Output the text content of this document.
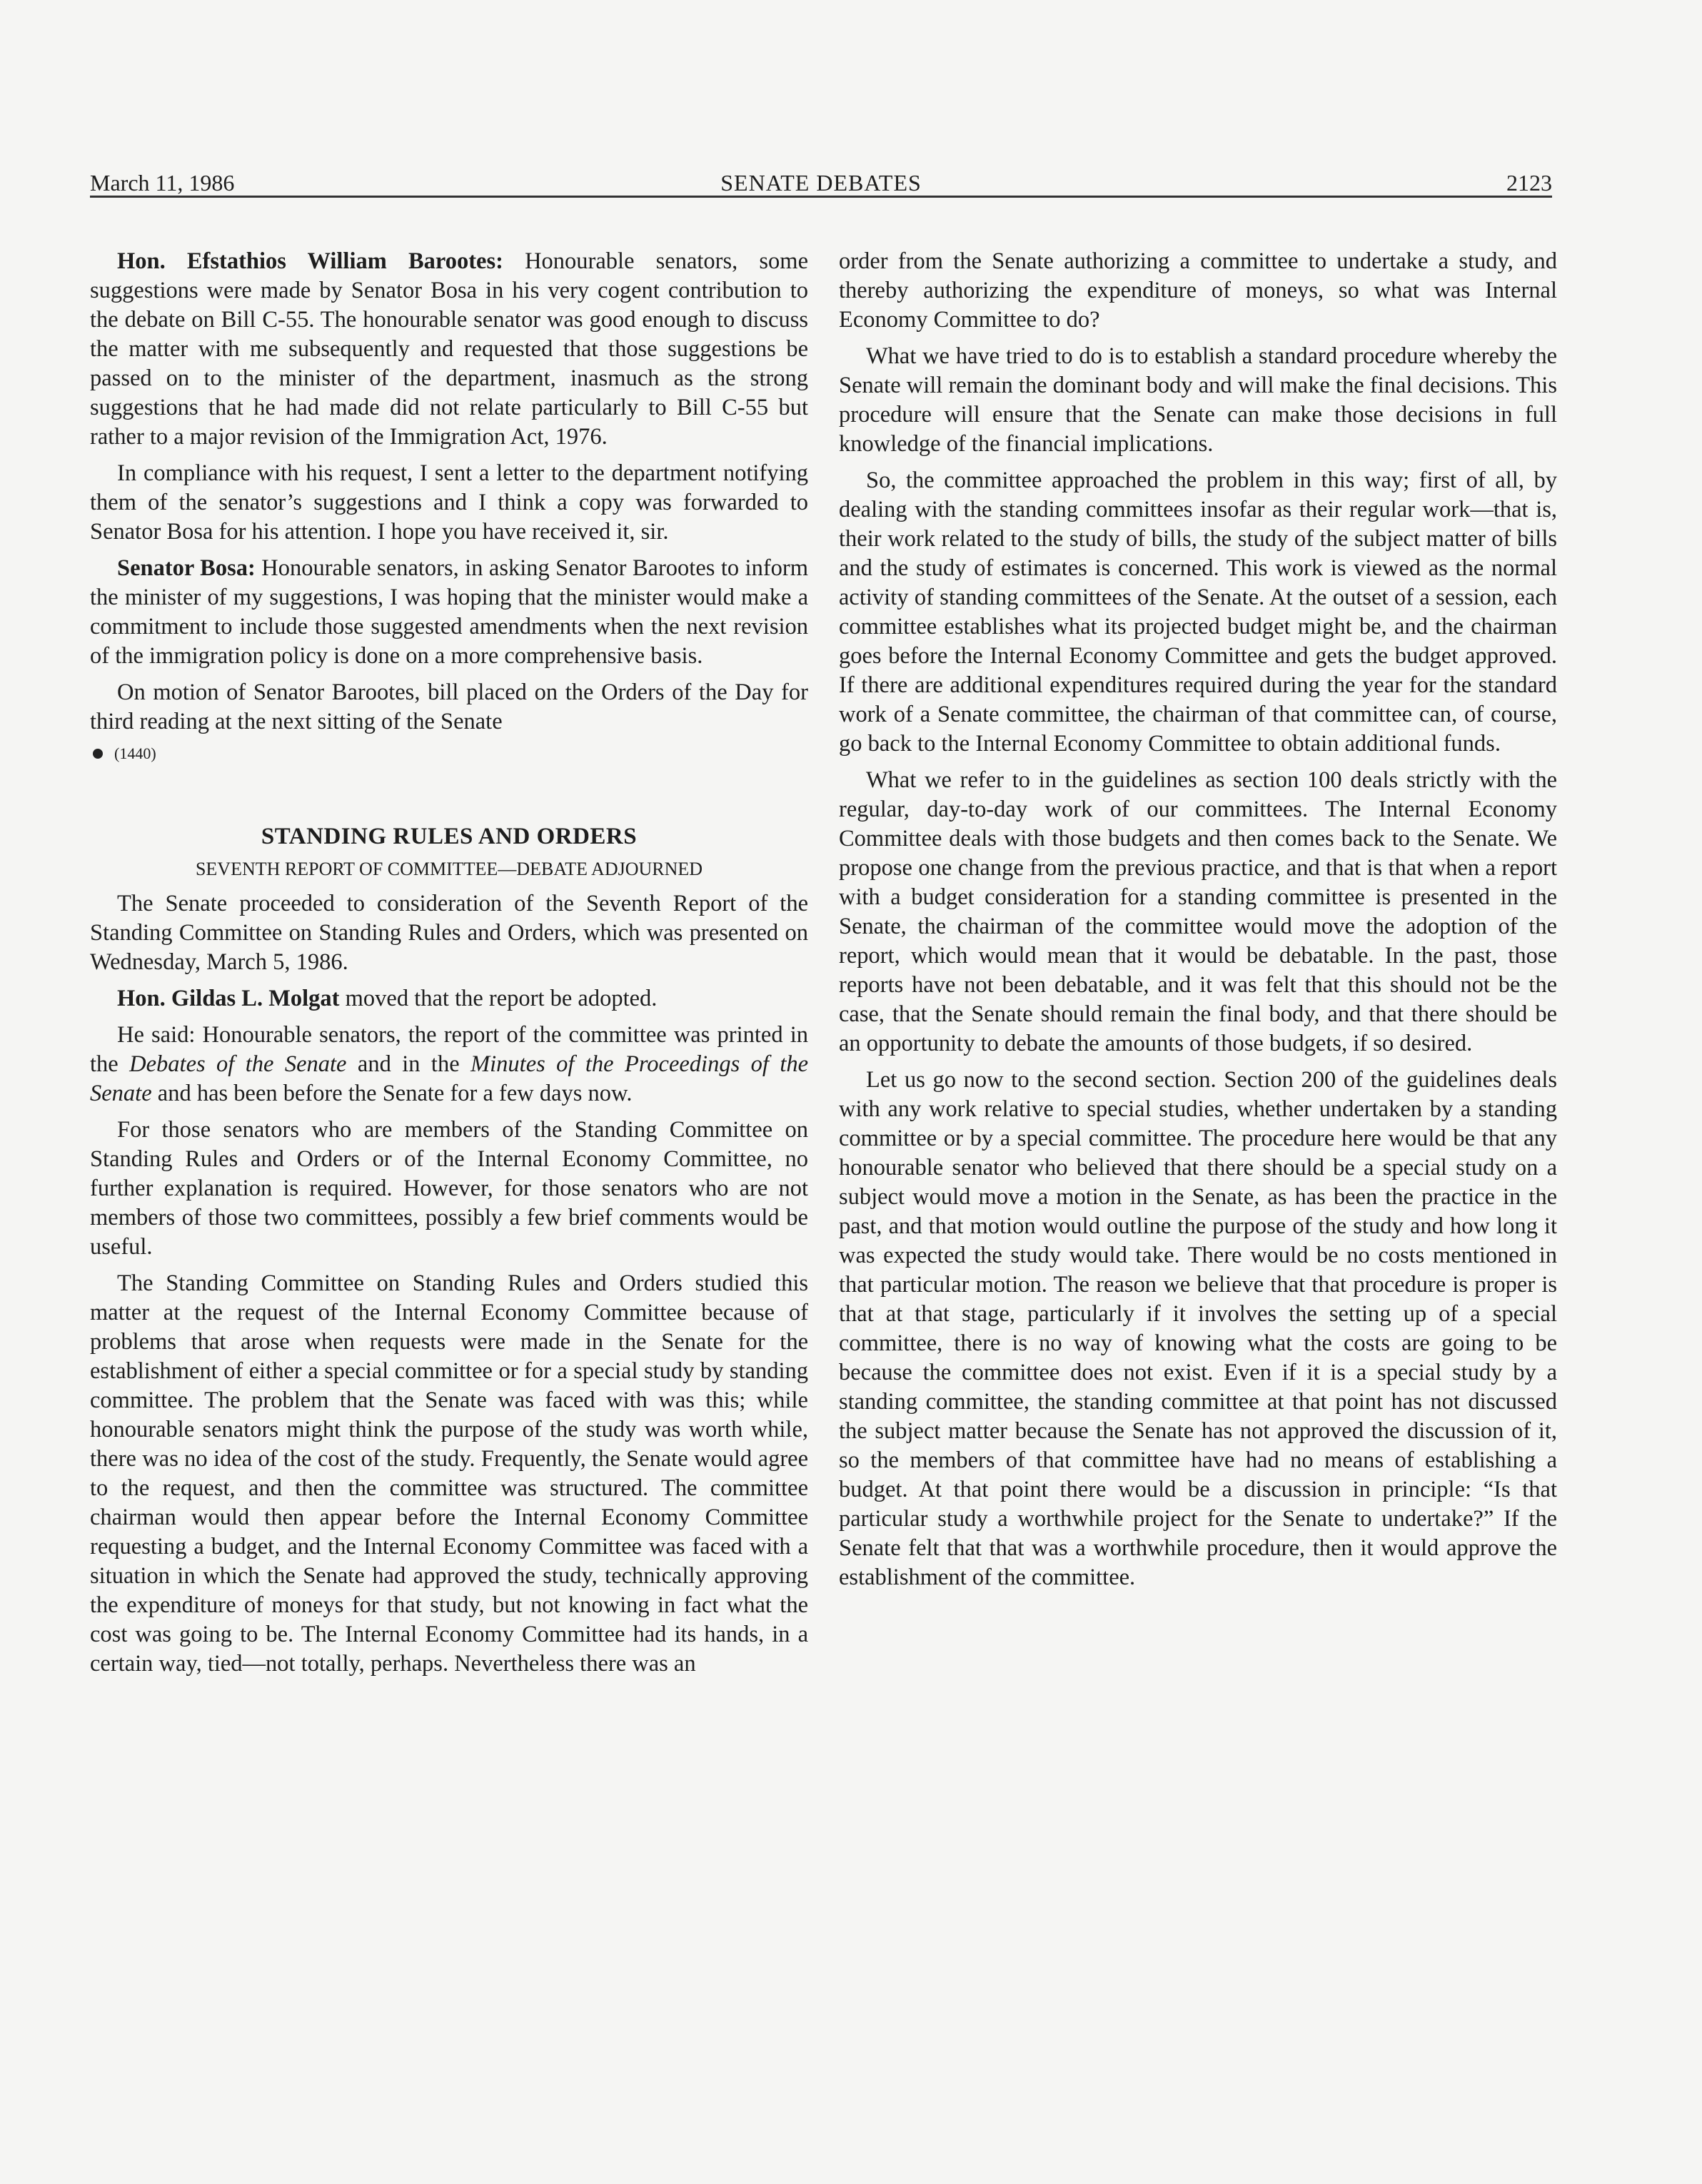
March 11, 1986	SENATE DEBATES	2123

Hon. Efstathios William Barootes: Honourable senators, some suggestions were made by Senator Bosa in his very cogent contribution to the debate on Bill C-55. The honourable senator was good enough to discuss the matter with me subsequently and requested that those suggestions be passed on to the minister of the department, inasmuch as the strong suggestions that he had made did not relate particularly to Bill C-55 but rather to a major revision of the Immigration Act, 1976.

In compliance with his request, I sent a letter to the department notifying them of the senator’s suggestions and I think a copy was forwarded to Senator Bosa for his attention. I hope you have received it, sir.

Senator Bosa: Honourable senators, in asking Senator Barootes to inform the minister of my suggestions, I was hoping that the minister would make a commitment to include those suggested amendments when the next revision of the immigration policy is done on a more comprehensive basis.

On motion of Senator Barootes, bill placed on the Orders of the Day for third reading at the next sitting of the Senate

(1440)
STANDING RULES AND ORDERS
SEVENTH REPORT OF COMMITTEE—DEBATE ADJOURNED

The Senate proceeded to consideration of the Seventh Report of the Standing Committee on Standing Rules and Orders, which was presented on Wednesday, March 5, 1986.

Hon. Gildas L. Molgat moved that the report be adopted.

He said: Honourable senators, the report of the committee was printed in the Debates of the Senate and in the Minutes of the Proceedings of the Senate and has been before the Senate for a few days now.

For those senators who are members of the Standing Committee on Standing Rules and Orders or of the Internal Economy Committee, no further explanation is required. However, for those senators who are not members of those two committees, possibly a few brief comments would be useful.

The Standing Committee on Standing Rules and Orders studied this matter at the request of the Internal Economy Committee because of problems that arose when requests were made in the Senate for the establishment of either a special committee or for a special study by standing committee. The problem that the Senate was faced with was this; while honourable senators might think the purpose of the study was worth while, there was no idea of the cost of the study. Frequently, the Senate would agree to the request, and then the committee was structured. The committee chairman would then appear before the Internal Economy Committee requesting a budget, and the Internal Economy Committee was faced with a situation in which the Senate had approved the study, technically approving the expenditure of moneys for that study, but not knowing in fact what the cost was going to be. The Internal Economy Committee had its hands, in a certain way, tied—not totally, perhaps. Nevertheless there was an

order from the Senate authorizing a committee to undertake a study, and thereby authorizing the expenditure of moneys, so what was Internal Economy Committee to do?

What we have tried to do is to establish a standard procedure whereby the Senate will remain the dominant body and will make the final decisions. This procedure will ensure that the Senate can make those decisions in full knowledge of the financial implications.

So, the committee approached the problem in this way; first of all, by dealing with the standing committees insofar as their regular work—that is, their work related to the study of bills, the study of the subject matter of bills and the study of estimates is concerned. This work is viewed as the normal activity of standing committees of the Senate. At the outset of a session, each committee establishes what its projected budget might be, and the chairman goes before the Internal Economy Committee and gets the budget approved. If there are additional expenditures required during the year for the standard work of a Senate committee, the chairman of that committee can, of course, go back to the Internal Economy Committee to obtain additional funds.

What we refer to in the guidelines as section 100 deals strictly with the regular, day-to-day work of our committees. The Internal Economy Committee deals with those budgets and then comes back to the Senate. We propose one change from the previous practice, and that is that when a report with a budget consideration for a standing committee is presented in the Senate, the chairman of the committee would move the adoption of the report, which would mean that it would be debatable. In the past, those reports have not been debatable, and it was felt that this should not be the case, that the Senate should remain the final body, and that there should be an opportunity to debate the amounts of those budgets, if so desired.

Let us go now to the second section. Section 200 of the guidelines deals with any work relative to special studies, whether undertaken by a standing committee or by a special committee. The procedure here would be that any honourable senator who believed that there should be a special study on a subject would move a motion in the Senate, as has been the practice in the past, and that motion would outline the purpose of the study and how long it was expected the study would take. There would be no costs mentioned in that particular motion. The reason we believe that that procedure is proper is that at that stage, particularly if it involves the setting up of a special committee, there is no way of knowing what the costs are going to be because the committee does not exist. Even if it is a special study by a standing committee, the standing committee at that point has not discussed the subject matter because the Senate has not approved the discussion of it, so the members of that committee have had no means of establishing a budget. At that point there would be a discussion in principle: “Is that particular study a worthwhile project for the Senate to undertake?” If the Senate felt that that was a worthwhile procedure, then it would approve the establishment of the committee.
